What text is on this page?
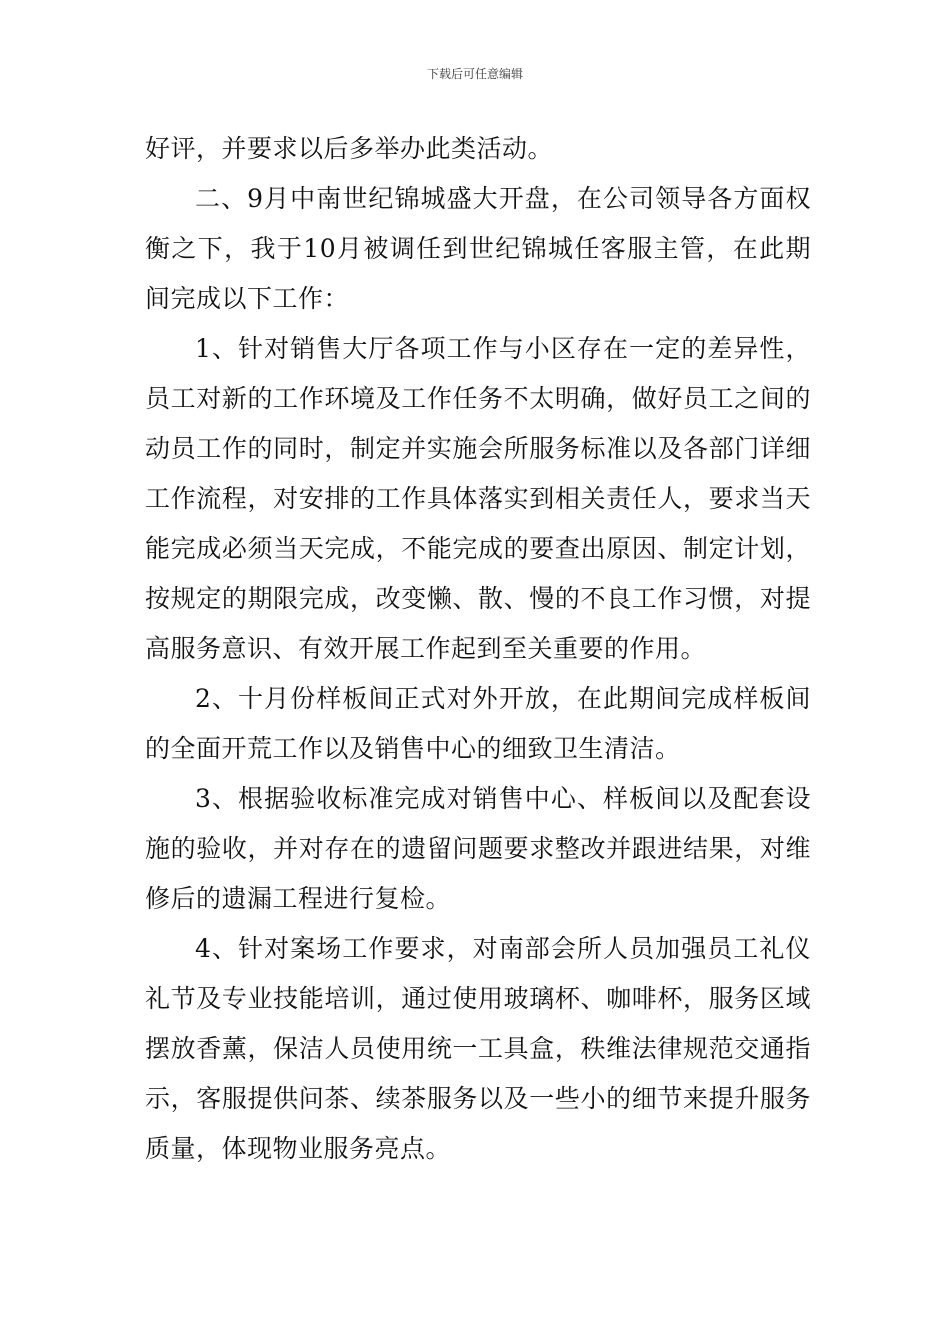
下载后可任意编辑

好评，并要求以后多举办此类活动。

二、9月中南世纪锦城盛大开盘，在公司领导各方面权衡之下，我于10月被调任到世纪锦城任客服主管，在此期间完成以下工作：

1、针对销售大厅各项工作与小区存在一定的差异性，员工对新的工作环境及工作任务不太明确，做好员工之间的动员工作的同时，制定并实施会所服务标准以及各部门详细工作流程，对安排的工作具体落实到相关责任人，要求当天能完成必须当天完成，不能完成的要查出原因、制定计划，按规定的期限完成，改变懒、散、慢的不良工作习惯，对提高服务意识、有效开展工作起到至关重要的作用。

2、十月份样板间正式对外开放，在此期间完成样板间的全面开荒工作以及销售中心的细致卫生清洁。

3、根据验收标准完成对销售中心、样板间以及配套设施的验收，并对存在的遗留问题要求整改并跟进结果，对维修后的遗漏工程进行复检。

4、针对案场工作要求，对南部会所人员加强员工礼仪礼节及专业技能培训，通过使用玻璃杯、咖啡杯，服务区域摆放香薰，保洁人员使用统一工具盒，秩维法律规范交通指示，客服提供问茶、续茶服务以及一些小的细节来提升服务质量，体现物业服务亮点。
